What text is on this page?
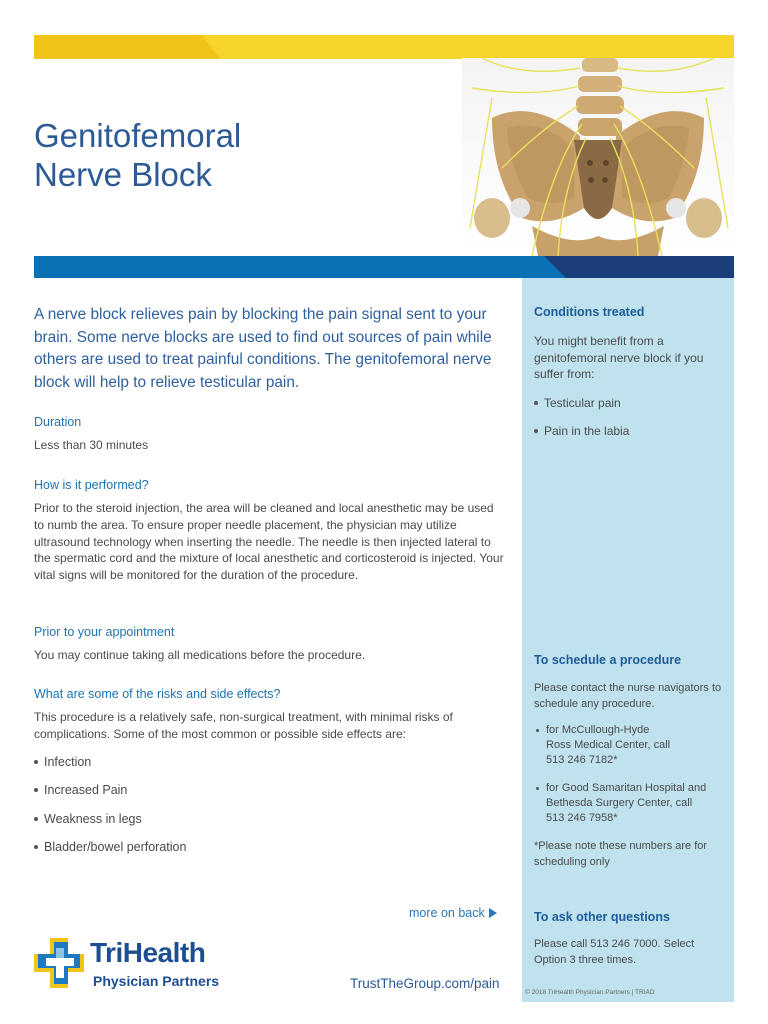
Genitofemoral
Nerve Block

A nerve block relieves pain by blocking the pain signal sent to your brain. Some nerve blocks are used to find out sources of pain while others are used to treat painful conditions. The genitofemoral nerve block will help to relieve testicular pain.

Duration
Less than 30 minutes
How is it performed?

Prior to the steroid injection, the area will be cleaned and local anesthetic may be used to numb the area. To ensure proper needle placement, the physician may utilize ultrasound technology when inserting the needle. The needle is then injected lateral to the spermatic cord and the mixture of local anesthetic and corticosteroid is injected. Your vital signs will be monitored for the duration of the procedure.

Prior to your appointment
You may continue taking all medications before the procedure.
What are some of the risks and side effects?

This procedure is a relatively safe, non-surgical treatment, with minimal risks of complications. Some of the most common or possible side effects are:

Infection
Increased Pain
Weakness in legs
Bladder/bowel perforation
Conditions treated

You might benefit from a genitofemoral nerve block if you suffer from:

Testicular pain
Pain in the labia
To schedule a procedure

Please contact the nurse navigators to schedule any procedure.

for McCullough-Hyde
Ross Medical Center, call
513 246 7182*
for Good Samaritan Hospital and
Bethesda Surgery Center, call
513 246 7958*

*Please note these numbers are for scheduling only

To ask other questions

Please call 513 246 7000. Select Option 3 three times.

more on back
TriHealth
Physician Partners	TrustTheGroup.com/pain
© 2018 TriHealth Physician Partners | TRIAD
